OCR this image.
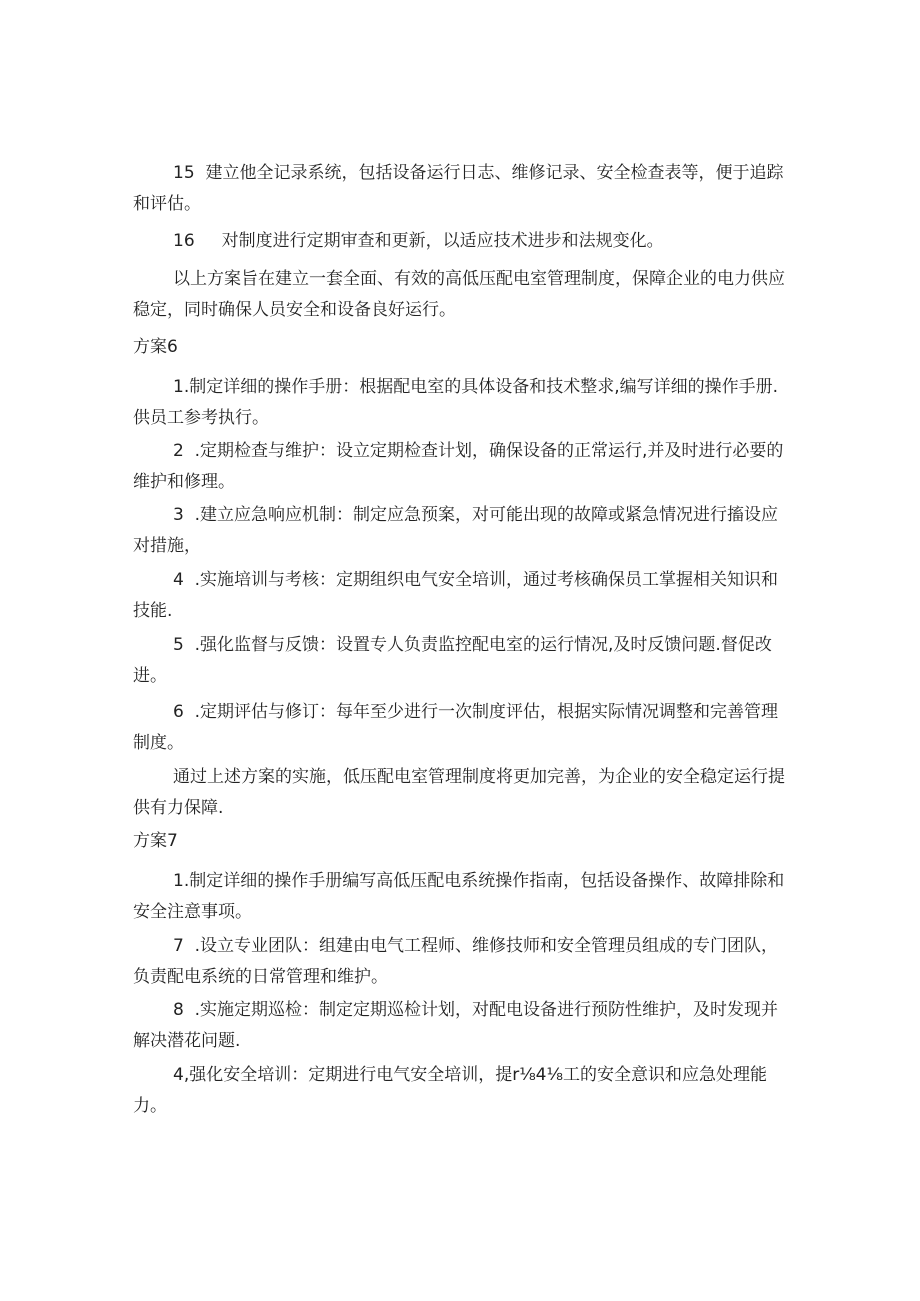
15  建立他全记录系统，包括设备运行日志、维修记录、安全检查表等，便于追踪和评估。

16     对制度进行定期审查和更新，以适应技术进步和法规变化。

以上方案旨在建立一套全面、有效的高低压配电室管理制度，保障企业的电力供应稳定，同时确保人员安全和设备良好运行。

方案6

1.制定详细的操作手册：根据配电室的具体设备和技术整求,编写详细的操作手册.供员工参考执行。

2  .定期检查与维护：设立定期检查计划，确保设备的正常运行,并及时进行必要的维护和修理。

3  .建立应急响应机制：制定应急预案，对可能出现的故障或紧急情况进行搐设应对措施，

4  .实施培训与考核：定期组织电气安全培训，通过考核确保员工掌握相关知识和技能.

5  .强化监督与反馈：设置专人负责监控配电室的运行情况,及时反馈问题.督促改进。

6  .定期评估与修订：每年至少进行一次制度评估，根据实际情况调整和完善管理制度。

通过上述方案的实施，低压配电室管理制度将更加完善，为企业的安全稳定运行提供有力保障.

方案7

1.制定详细的操作手册编写高低压配电系统操作指南，包括设备操作、故障排除和安全注意事项。

7  .设立专业团队：组建由电气工程师、维修技师和安全管理员组成的专门团队，负责配电系统的日常管理和维护。

8  .实施定期巡检：制定定期巡检计划，对配电设备进行预防性维护，及时发现并解决潜花问题.

4,强化安全培训：定期进行电气安全培训，提r⅛4⅛工的安全意识和应急处理能力。
